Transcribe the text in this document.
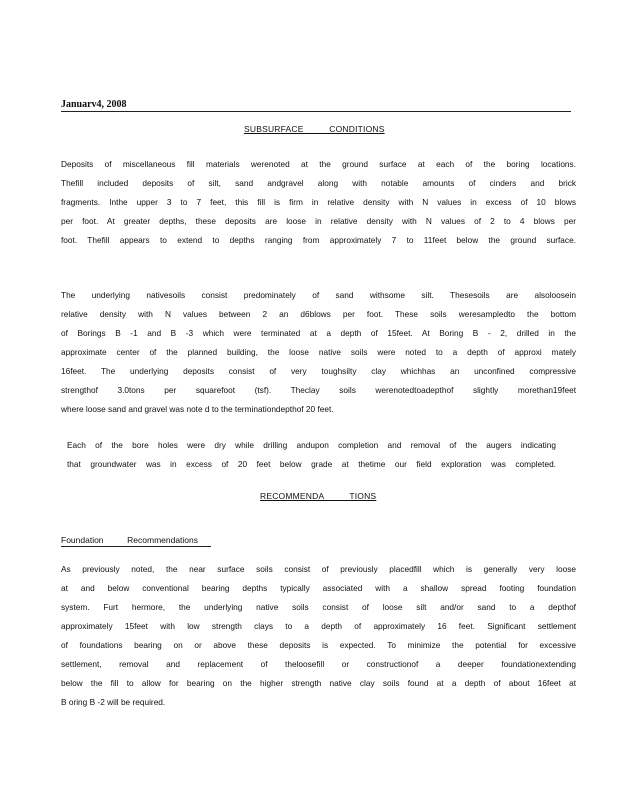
Januarv4, 2008
SUBSURFACE          CONDITIONS
Deposits of miscellaneous fill materials werenoted at the ground surface at each of the boring locations.
Thefill included deposits of silt, sand andgravel along with notable amounts of cinders and brick
fragments. Inthe upper 3 to 7 feet, this fill is firm in relative density with N values in excess of 10 blows
per foot. At greater depths, these deposits are loose in relative density with N values of 2 to 4 blows per
foot. Thefill appears to extend to depths ranging from approximately 7 to 11feet below the ground surface.
The underlying nativesoils consist predominately of sand withsome silt. Thesesoils are alsoloosein
relative density with N values between 2 an d6blows per foot. These soils weresampledto the bottom
of Borings B -1 and B -3 which were terminated at a depth of 15feet. At Boring B - 2, drilled in the
approximate center of the planned building, the loose native soils were noted to a depth of approxi mately
16feet. The underlying deposits consist of very toughsilty clay whichhas an unconfined compressive
strengthof 3.0tons per squarefoot (tsf). Theclay soils werenotedtoadepthof slightly morethan19feet
where loose sand and gravel was note d to the terminationdepthof 20 feet.
Each of the bore holes were dry while drilling andupon completion and removal of the augers indicating
that groundwater was in excess of 20 feet below grade at thetime our field exploration was completed.
RECOMMENDA          TIONS
Foundation          Recommendations
As previously noted, the near surface soils consist of previously placedfill which is generally very loose
at and below conventional bearing depths typically associated with a shallow spread footing foundation
system. Furt hermore, the underlying native soils consist of loose silt and/or sand to a depthof
approximately 15feet with low strength clays to a depth of approximately 16 feet. Significant settlement
of foundations bearing on or above these deposits is expected. To minimize the potential for excessive
settlement, removal and replacement of theloosefill or constructionof a deeper foundationextending
below the fill to allow for bearing on the higher strength native clay soils found at a depth of about 16feet at
B oring B -2 will be required.
